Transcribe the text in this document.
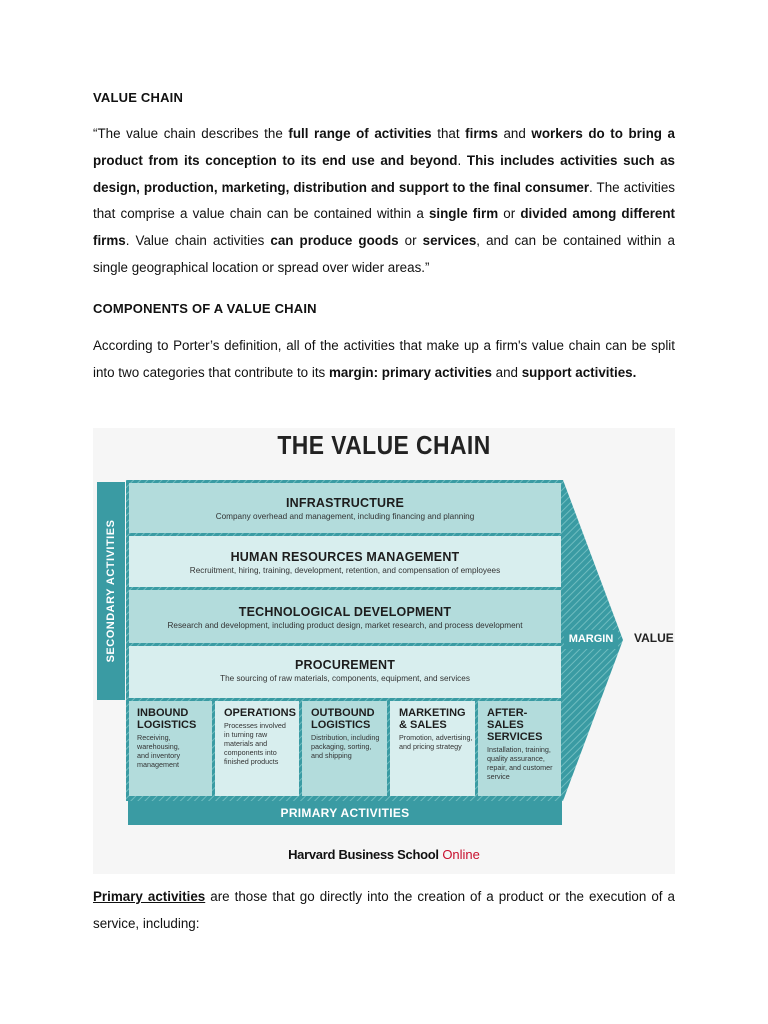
VALUE CHAIN
“The value chain describes the full range of activities that firms and workers do to bring a product from its conception to its end use and beyond. This includes activities such as design, production, marketing, distribution and support to the final consumer. The activities that comprise a value chain can be contained within a single firm or divided among different firms. Value chain activities can produce goods or services, and can be contained within a single geographical location or spread over wider areas.”
COMPONENTS OF A VALUE CHAIN
According to Porter’s definition, all of the activities that make up a firm's value chain can be split into two categories that contribute to its margin: primary activities and support activities.
THE VALUE CHAIN
SECONDARY ACTIVITIES
INFRASTRUCTURE
Company overhead and management, including financing and planning
HUMAN RESOURCES MANAGEMENT
Recruitment, hiring, training, development, retention, and compensation of employees
TECHNOLOGICAL DEVELOPMENT
Research and development, including product design, market research, and process development
PROCUREMENT
The sourcing of raw materials, components, equipment, and services
INBOUND
LOGISTICS
Receiving, warehousing,
and inventory
management
OPERATIONS
Processes involved
in turning raw
materials and
components into
finished products
OUTBOUND
LOGISTICS
Distribution, including
packaging, sorting,
and shipping
MARKETING
& SALES
Promotion, advertising,
and pricing strategy
AFTER-SALES
SERVICES
Installation, training,
quality assurance,
repair, and customer
service
PRIMARY ACTIVITIES
MARGIN	VALUE
Harvard Business School Online
Primary activities are those that go directly into the creation of a product or the execution of a service, including:
